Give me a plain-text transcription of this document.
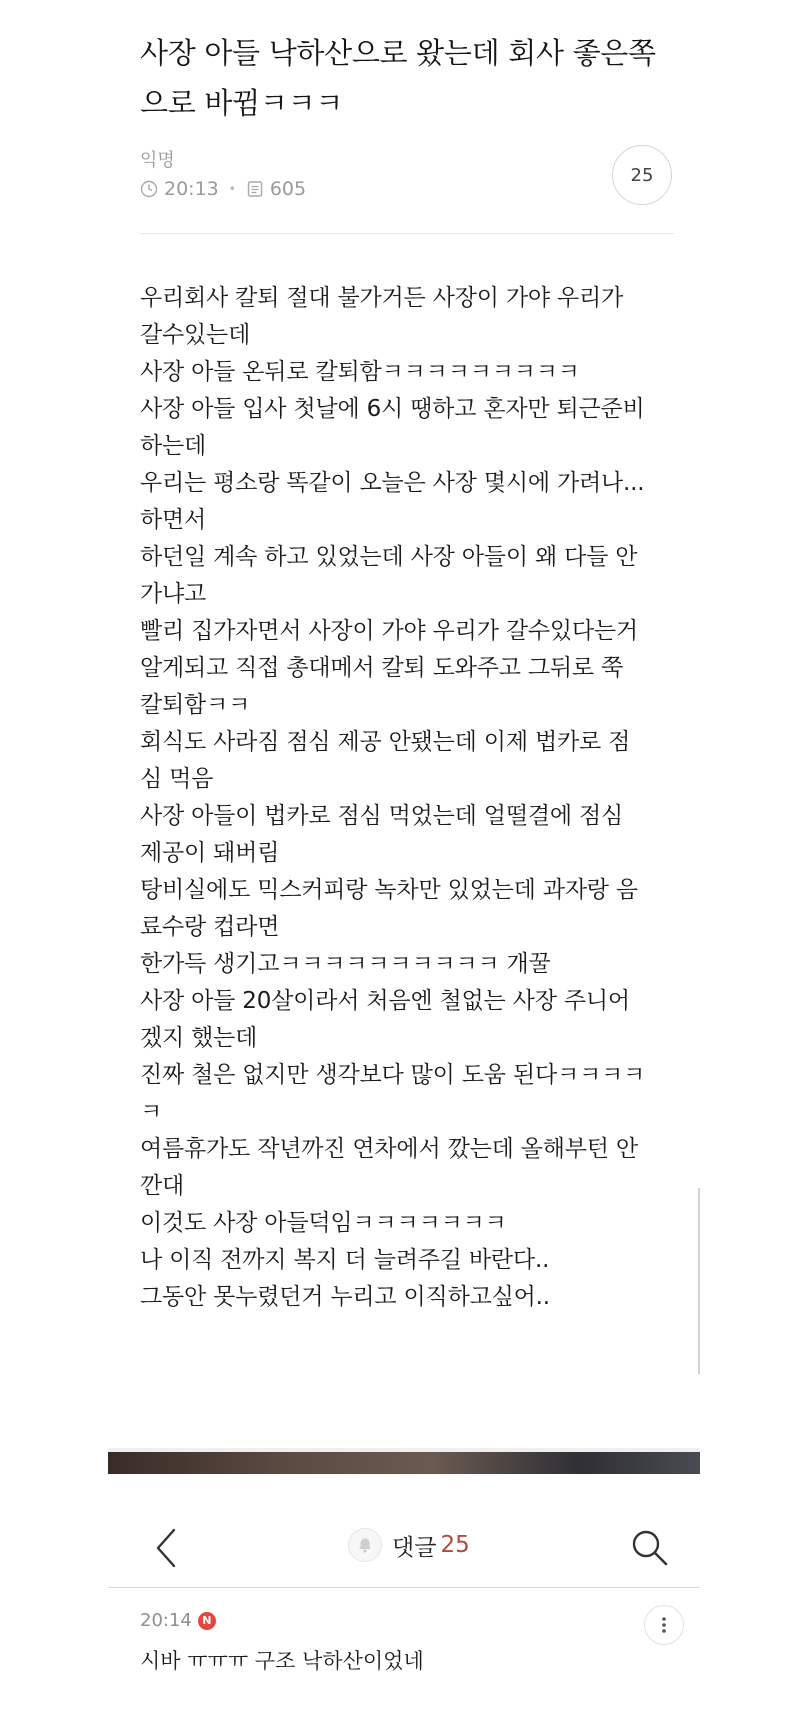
사장 아들 낙하산으로 왔는데 회사 좋은쪽
으로 바뀜ㅋㅋㅋ
익명
20:13 • 605
25
우리회사 칼퇴 절대 불가거든 사장이 가야 우리가
갈수있는데
사장 아들 온뒤로 칼퇴함ㅋㅋㅋㅋㅋㅋㅋㅋㅋ
사장 아들 입사 첫날에 6시 땡하고 혼자만 퇴근준비
하는데
우리는 평소랑 똑같이 오늘은 사장 몇시에 가려나...
하면서
하던일 계속 하고 있었는데 사장 아들이 왜 다들 안
가냐고
빨리 집가자면서 사장이 가야 우리가 갈수있다는거
알게되고 직접 총대메서 칼퇴 도와주고 그뒤로 쭉
칼퇴함ㅋㅋ
회식도 사라짐 점심 제공 안됐는데 이제 법카로 점
심 먹음
사장 아들이 법카로 점심 먹었는데 얼떨결에 점심
제공이 돼버림
탕비실에도 믹스커피랑 녹차만 있었는데 과자랑 음
료수랑 컵라면
한가득 생기고ㅋㅋㅋㅋㅋㅋㅋㅋㅋㅋ 개꿀
사장 아들 20살이라서 처음엔 철없는 사장 주니어
겠지 했는데
진짜 철은 없지만 생각보다 많이 도움 된다ㅋㅋㅋㅋ
ㅋ
여름휴가도 작년까진 연차에서 깠는데 올해부턴 안
깐대
이것도 사장 아들덕임ㅋㅋㅋㅋㅋㅋㅋ
나 이직 전까지 복지 더 늘려주길 바란다..
그동안 못누렸던거 누리고 이직하고싶어..
댓글 25
20:14 N
시바 ㅠㅠㅠ 구조 낙하산이었네
